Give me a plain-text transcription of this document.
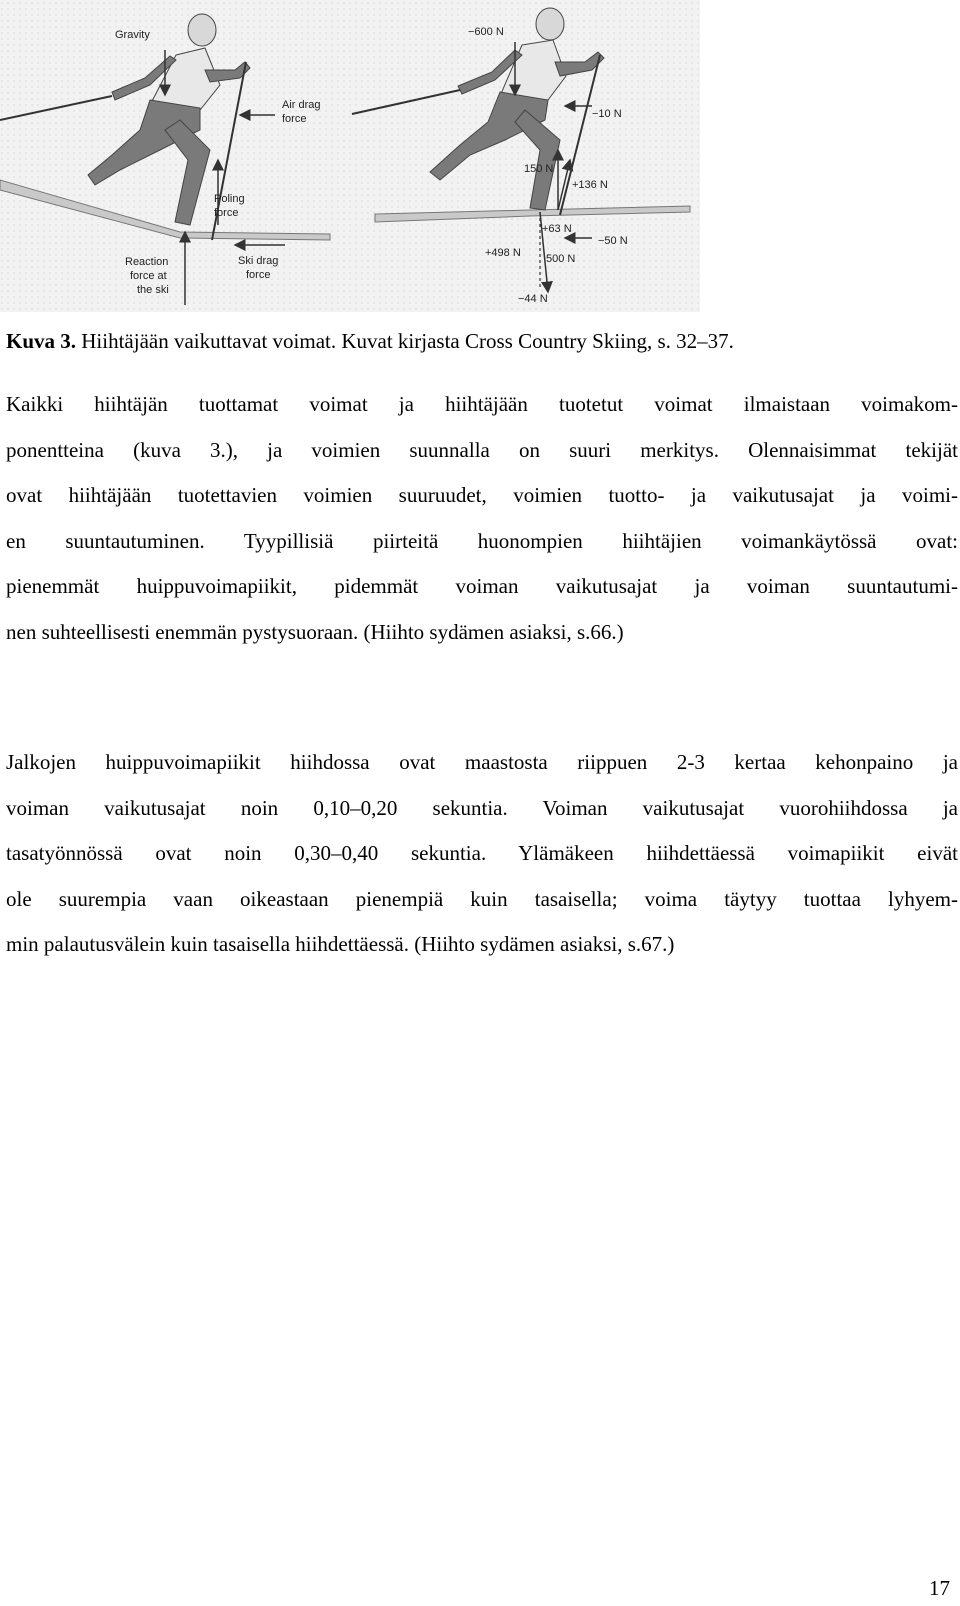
Gravity
Air drag
force
Poling
force
Reaction
force at
the ski
Ski drag
force
−600 N
−10 N
150 N
+136 N
+63 N
−50 N
+498 N 500 N
−44 N
Kuva 3. Hiihtäjään vaikuttavat voimat. Kuvat kirjasta Cross Country Skiing, s. 32–37.

Kaikki hiihtäjän tuottamat voimat ja hiihtäjään tuotetut voimat ilmaistaan voimakom-
ponentteina (kuva 3.), ja voimien suunnalla on suuri merkitys. Olennaisimmat tekijät
ovat hiihtäjään tuotettavien voimien suuruudet, voimien tuotto- ja vaikutusajat ja voimi-
en suuntautuminen. Tyypillisiä piirteitä huonompien hiihtäjien voimankäytössä ovat:
pienemmät huippuvoimapiikit, pidemmät voiman vaikutusajat ja voiman suuntautumi-
nen suhteellisesti enemmän pystysuoraan. (Hiihto sydämen asiaksi, s.66.)

Jalkojen huippuvoimapiikit hiihdossa ovat maastosta riippuen 2-3 kertaa kehonpaino ja
voiman vaikutusajat noin 0,10–0,20 sekuntia. Voiman vaikutusajat vuorohiihdossa ja
tasatyönnössä ovat noin 0,30–0,40 sekuntia. Ylämäkeen hiihdettäessä voimapiikit eivät
ole suurempia vaan oikeastaan pienempiä kuin tasaisella; voima täytyy tuottaa lyhyem-
min palautusvälein kuin tasaisella hiihdettäessä. (Hiihto sydämen asiaksi, s.67.)

17
